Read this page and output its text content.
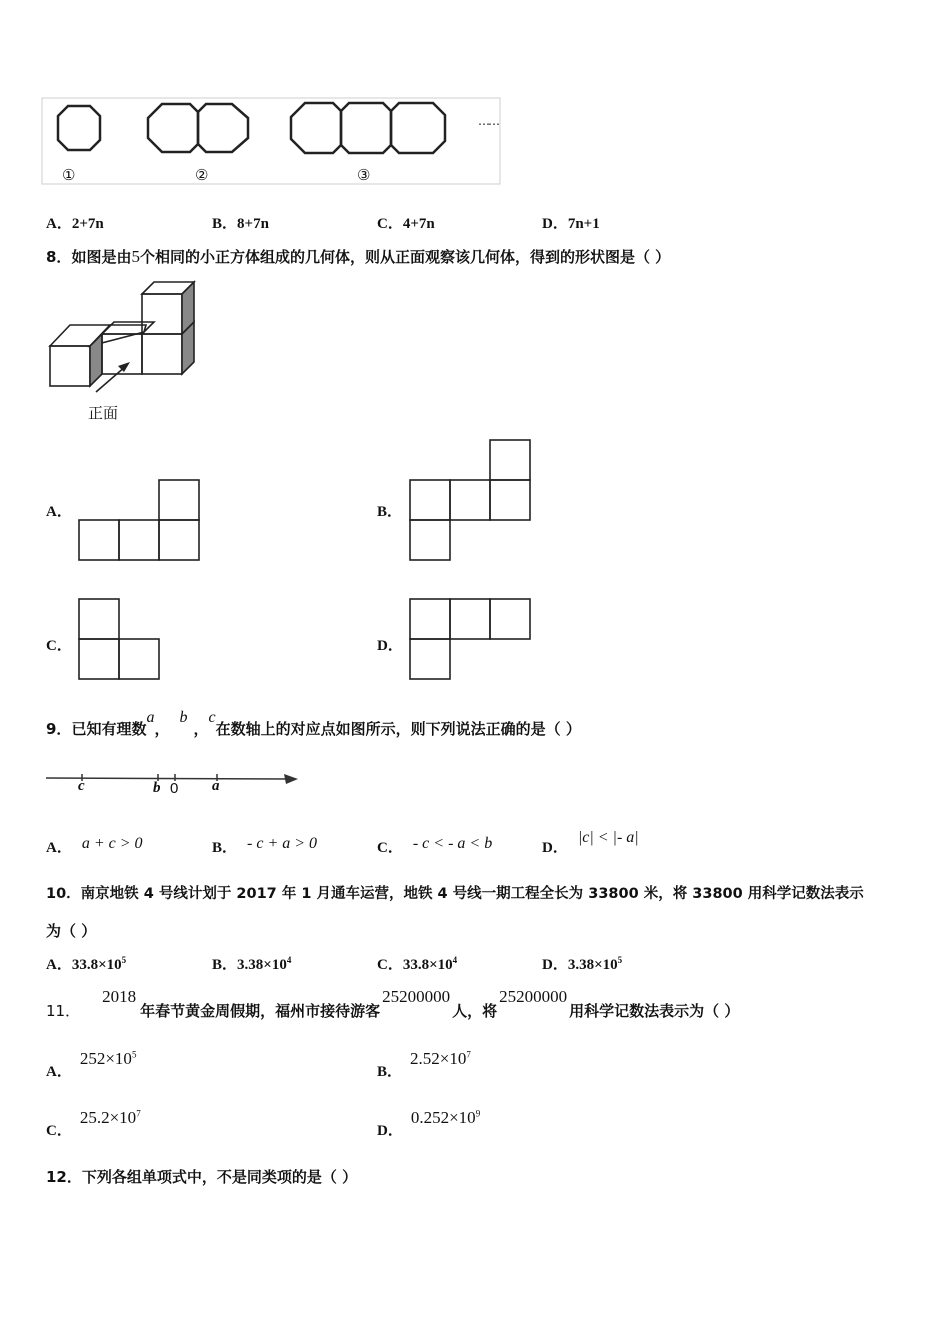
①	②	③
……
A．2+7n	B．8+7n	C．4+7n	D．7n+1
8．如图是由5个相同的小正方体组成的几何体，则从正面观察该几何体，得到的形状图是（ ）
正面
A．	B．
C．	D．
9．已知有理数a，b，c在数轴上的对应点如图所示，则下列说法正确的是（ ）
c	b 0 a
A． a + c > 0	B． - c + a > 0	C． - c < - a < b	D．|c| < |- a|
10．南京地铁 4 号线计划于 2017 年 1 月通车运营，地铁 4 号线一期工程全长为 33800 米，将 33800 用科学记数法表示
为（ ）
A．$33.8\times 10^5$	B．$3.38\times 10^4$	C．$33.8\times 10^4$	D．$3.38\times 10^5$
11．2018年春节黄金周假期，福州市接待游客25200000人，将25200000用科学记数法表示为（ ）
A．$252\times 10^5$
B．$2.52\times 10^7$
C．$25.2\times 10^7$
D．$0.252\times 10^9$
12．下列各组单项式中，不是同类项的是（ ）
